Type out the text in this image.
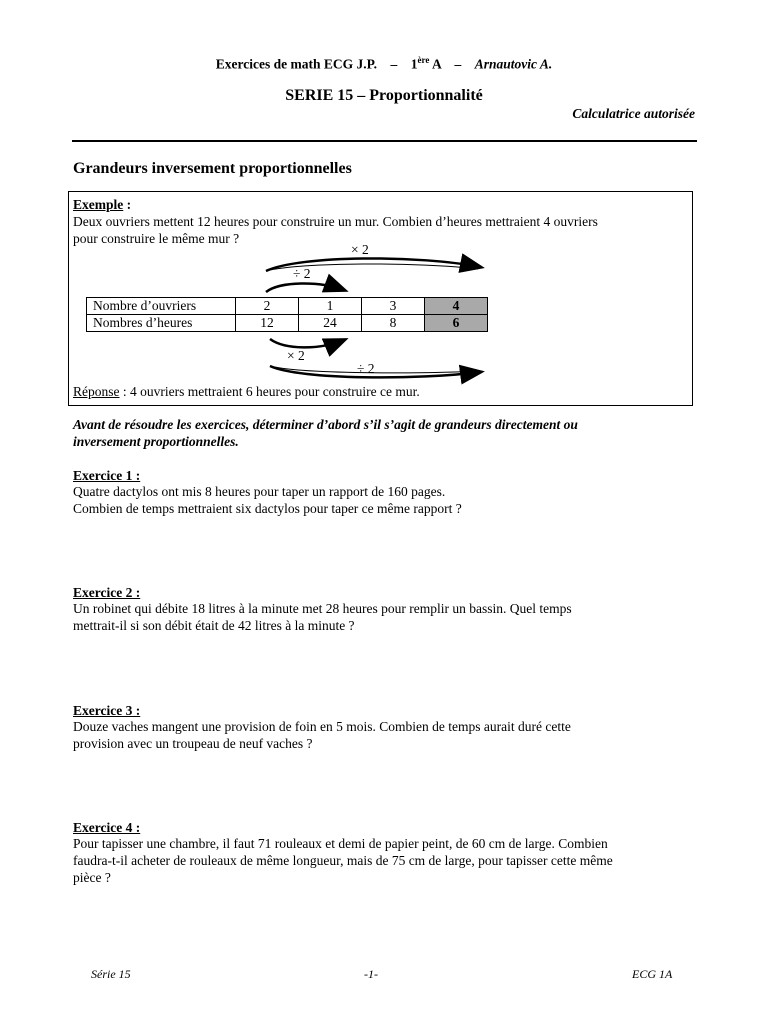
Exercices de math ECG J.P. – 1ère A – Arnautovic A.
SERIE 15 – Proportionnalité
Calculatrice autorisée
Grandeurs inversement proportionnelles
Exemple :
Deux ouvriers mettent 12 heures pour construire un mur. Combien d’heures mettraient 4 ouvriers
pour construire le même mur ?
× 2
÷ 2
× 2
÷ 2
Nombre d’ouvriers	2	1	3	4
Nombres d’heures	12	24	8	6
Réponse : 4 ouvriers mettraient 6 heures pour construire ce mur.
Avant de résoudre les exercices, déterminer d’abord s’il s’agit de grandeurs directement ou
inversement proportionnelles.
Exercice 1 :
Quatre dactylos ont mis 8 heures pour taper un rapport de 160 pages.
Combien de temps mettraient six dactylos pour taper ce même rapport ?
Exercice 2 :
Un robinet qui débite 18 litres à la minute met 28 heures pour remplir un bassin. Quel temps
mettrait-il si son débit était de 42 litres à la minute ?
Exercice 3 :
Douze vaches mangent une provision de foin en 5 mois. Combien de temps aurait duré cette
provision avec un troupeau de neuf vaches ?
Exercice 4 :
Pour tapisser une chambre, il faut 71 rouleaux et demi de papier peint, de 60 cm de large. Combien
faudra-t-il acheter de rouleaux de même longueur, mais de 75 cm de large, pour tapisser cette même
pièce ?
Série 15	-1-	ECG 1A
